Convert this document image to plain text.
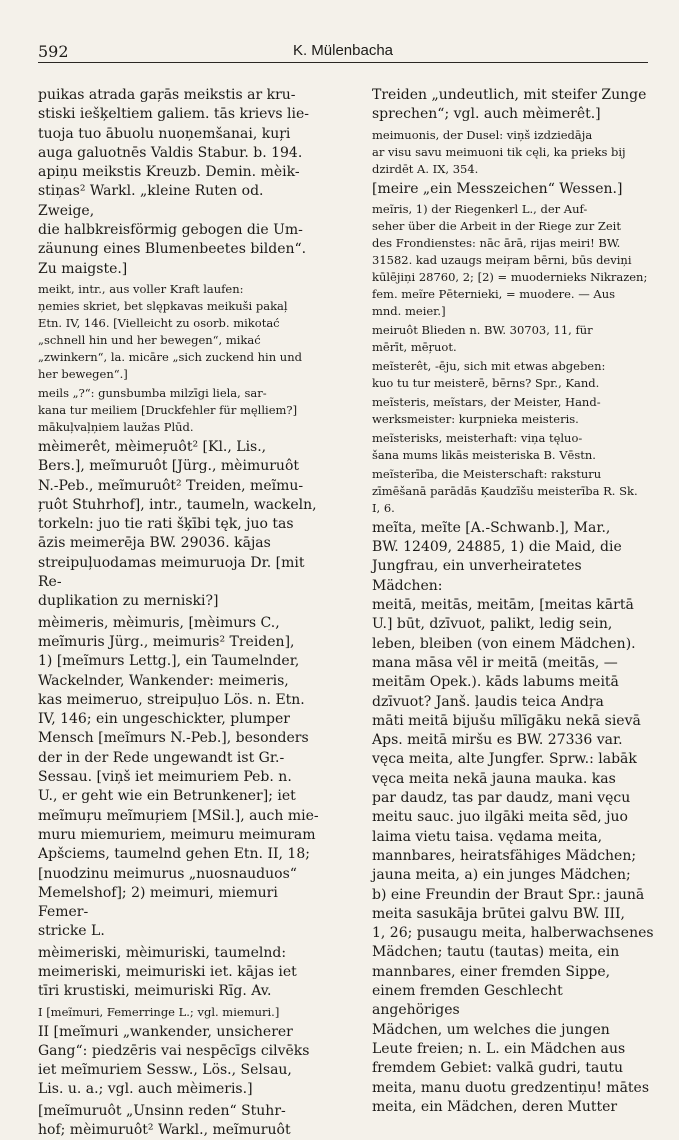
592	K. Mülenbacha

puikas atrada gaŗās meikstis ar kru-
stiski iešķeltiem galiem. tās krievs lie-
tuoja tuo ābuolu nuoņemšanai, kuŗi
auga galuotnēs Valdis Stabur. b. 194.
apiņu meikstis Kreuzb. Demin. mèik-
stiņas² Warkl. „kleine Ruten od. Zweige,
die halbkreisförmig gebogen die Um-
zäunung eines Blumenbeetes bilden“.
Zu maigste.]

meikt, intr., aus voller Kraft laufen:
ņemies skriet, bet slępkavas meikuši pakaļ
Etn. IV, 146. [Vielleicht zu osorb. mikotać
„schnell hin und her bewegen“, mikać
„zwinkern“, la. micāre „sich zuckend hin und
her bewegen“.]

meils „?“: gunsbumba milzīgi liela, sar-
kana tur meiliem [Druckfehler für męlliem?]
mākuļvaļņiem laužas Plūd.

mèimerêt, mèimeŗuôt² [Kl., Lis.,
Bers.], meĩmuruôt [Jürg., mèimuruôt
N.-Peb., meĩmuruôt² Treiden, meĩmu-
ŗuôt Stuhrhof], intr., taumeln, wackeln,
torkeln: juo tie rati šķībi tęk, juo tas
āzis meimerēja BW. 29036. kājas
streipuļuodamas meimuruoja Dr. [mit Re-
duplikation zu merniski?]

mèimeris, mèimuris, [mèimurs C.,
meĩmuris Jürg., meimuris² Treiden],
1) [meĩmurs Lettg.], ein Taumelnder,
Wackelnder, Wankender: meimeris,
kas meimeruo, streipuļuo Lös. n. Etn.
IV, 146; ein ungeschickter, plumper
Mensch [meĩmurs N.-Peb.], besonders
der in der Rede ungewandt ist Gr.-
Sessau. [viņš iet meimuriem Peb. n.
U., er geht wie ein Betrunkener]; iet
meĩmuŗu meĩmuŗiem [MSil.], auch mie-
muru miemuriem, meimuru meimuram
Apšciems, taumelnd gehen Etn. II, 18;
[nuodzinu meimurus „nuosnauduos“
Memelshof]; 2) meimuri, miemuri Femer-
stricke L.

mèimeriski, mèimuriski, taumelnd:
meimeriski, meimuriski iet. kājas iet
tīri krustiski, meimuriski Rīg. Av.

I [meĩmuri, Femerringe L.; vgl. miemuri.]

II [meĩmuri „wankender, unsicherer
Gang“: piedzēris vai nespēcīgs cilvēks
iet meĩmuriem Sessw., Lös., Selsau,
Lis. u. a.; vgl. auch mèimeris.]

[meĩmuruôt „Unsinn reden“ Stuhr-
hof; mèimuruôt² Warkl., meĩmuruôt

Treiden „undeutlich, mit steifer Zunge
sprechen“; vgl. auch mèimerêt.]

meimuonis, der Dusel: viņš izdziedāja
ar visu savu meimuoni tik cęli, ka prieks bij
dzirdēt A. IX, 354.

[meire „ein Messzeichen“ Wessen.]

meĩris, 1) der Riegenkerl L., der Auf-
seher über die Arbeit in der Riege zur Zeit
des Frondienstes: nāc ārā, rijas meiri! BW.
31582. kad uzaugs meiŗam bērni, būs deviņi
kūlējiņi 28760, 2; [2) = muodernieks Nikrazen;
fem. meĩre Pēternieki, = muodere. — Aus
mnd. meier.]

meiruôt Blieden n. BW. 30703, 11, für
mērīt, mēŗuot.

meĩsterêt, -ēju, sich mit etwas abgeben:
kuo tu tur meisterē, bērns? Spr., Kand.

meĩsteris, meĩstars, der Meister, Hand-
werksmeister: kurpnieka meisteris.

meĩsterisks, meisterhaft: viņa tęluo-
šana mums likās meisteriska B. Vēstn.

meĩsterība, die Meisterschaft: raksturu
zīmēšanā parādās Ķaudzīšu meisterība R. Sk.
I, 6.

meĩta, meĩte [A.-Schwanb.], Mar.,
BW. 12409, 24885, 1) die Maid, die
Jungfrau, ein unverheiratetes Mädchen:
meitā, meitās, meitām, [meitas kārtā
U.] būt, dzīvuot, palikt, ledig sein,
leben, bleiben (von einem Mädchen).
mana māsa vēl ir meitā (meitās, —
meitām Opek.). kāds labums meitā
dzīvuot? Janš. ļaudis teica Andŗa
māti meitā bijušu mīlīgāku nekā sievā
Aps. meitā miršu es BW. 27336 var.
vęca meita, alte Jungfer. Sprw.: labāk
vęca meita nekā jauna mauka. kas
par daudz, tas par daudz, mani vęcu
meitu sauc. juo ilgāki meita sēd, juo
laima vietu taisa. vędama meita,
mannbares, heiratsfähiges Mädchen;
jauna meita, a) ein junges Mädchen;
b) eine Freundin der Braut Spr.: jaunā
meita sasukāja brūtei galvu BW. III,
1, 26; pusaugu meita, halberwachsenes
Mädchen; tautu (tautas) meita, ein
mannbares, einer fremden Sippe,
einem fremden Geschlecht angehöriges
Mädchen, um welches die jungen
Leute freien; n. L. ein Mädchen aus
fremdem Gebiet: valkā gudri, tautu
meita, manu duotu gredzentiņu! mātes
meita, ein Mädchen, deren Mutter
